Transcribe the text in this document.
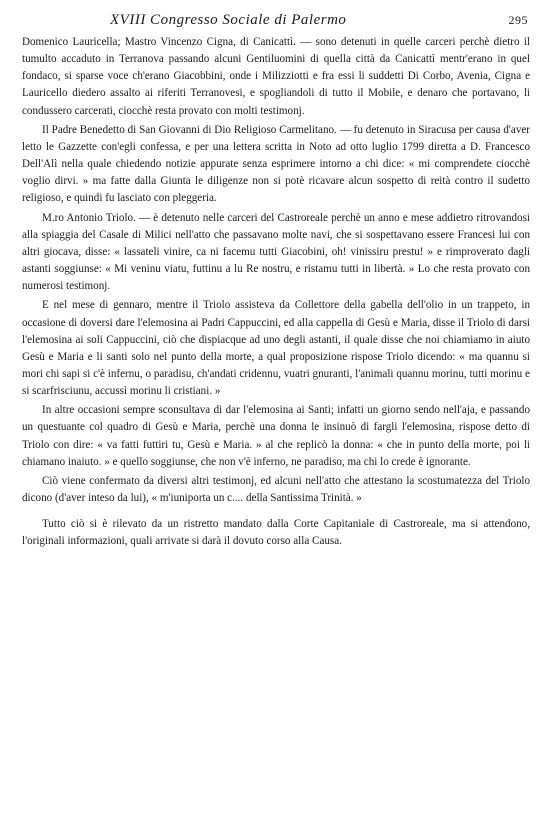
XVIII Congresso Sociale di Palermo	295

Domenico Lauricella; Mastro Vincenzo Cigna, di Canicattì. — sono detenuti in quelle carceri perchè dietro il tumulto accaduto in Terranova passando alcuni Gentiluomini di quella città da Canicattì mentr'erano in quel fondaco, si sparse voce ch'erano Giacobbini, onde i Milizziotti e fra essi li suddetti Di Corbo, Avenia, Cigna e Lauricello diedero assalto ai riferiti Terranovesi, e spogliandoli di tutto il Mobile, e denaro che portavano, li condussero carcerati, ciocchè resta provato con molti testimonj.

Il Padre Benedetto di San Giovanni di Dio Religioso Carmelitano. — fu detenuto in Siracusa per causa d'aver letto le Gazzette con'egli confessa, e per una lettera scritta in Noto ad otto luglio 1799 diretta a D. Francesco Dell'Alì nella quale chiedendo notizie appurate senza esprimere intorno a chi dice: « mi comprendete ciocchè voglio dirvi. » ma fatte dalla Giunta le diligenze non si potè ricavare alcun sospetto di reità contro il sudetto religioso, e quindi fu lasciato con pleggeria.

M.ro Antonio Triolo. — è detenuto nelle carceri del Castroreale perchè un anno e mese addietro ritrovandosi alla spiaggia del Casale di Milici nell'atto che passavano molte navi, che si sospettavano essere Francesi lui con altri giocava, disse: « lassateli vinire, ca ni facemu tutti Giacobini, oh! vinissiru prestu! » e rimproverato dagli astanti soggiunse: « Mi veninu viatu, futtinu a lu Re nostru, e ristamu tutti in libertà. » Lo che resta provato con numerosi testimonj.

E nel mese di gennaro, mentre il Triolo assisteva da Collettore della gabella dell'olio in un trappeto, in occasione di doversi dare l'elemosina ai Padri Cappuccini, ed alla cappella di Gesù e Maria, disse il Triolo di darsi l'elemosina ai soli Cappuccini, ciò che dispiacque ad uno degli astanti, il quale disse che noi chiamiamo in aiuto Gesù e Maria e li santi solo nel punto della morte, a qual proposizione rispose Triolo dicendo: « ma quannu si mori chi sapi si c'è infernu, o paradisu, ch'andati cridennu, vuatri gnuranti, l'animali quannu morinu, tutti morinu e si scarfrisciunu, accussì morinu li cristiani. »

In altre occasioni sempre sconsultava di dar l'elemosina ai Santi; infatti un giorno sendo nell'aja, e passando un questuante col quadro di Gesù e Maria, perchè una donna le insinuò di fargli l'elemosina, rispose detto di Triolo con dire: « va fatti futtiri tu, Gesù e Maria. » al che replicò la donna: « che in punto della morte, poi li chiamano inaiuto. » e quello soggiunse, che non v'è inferno, ne paradiso, ma chi lo crede è ignorante.

Ciò viene confermato da diversi altri testimonj, ed alcuni nell'atto che attestano la scostumatezza del Triolo dicono (d'aver inteso da lui), « m'iuniporta un c.... della Santissima Trinità. »

Tutto ciò si è rilevato da un ristretto mandato dalla Corte Capitaniale di Castroreale, ma si attendono, l'originali informazioni, quali arrivate si darà il dovuto corso alla Causa.
